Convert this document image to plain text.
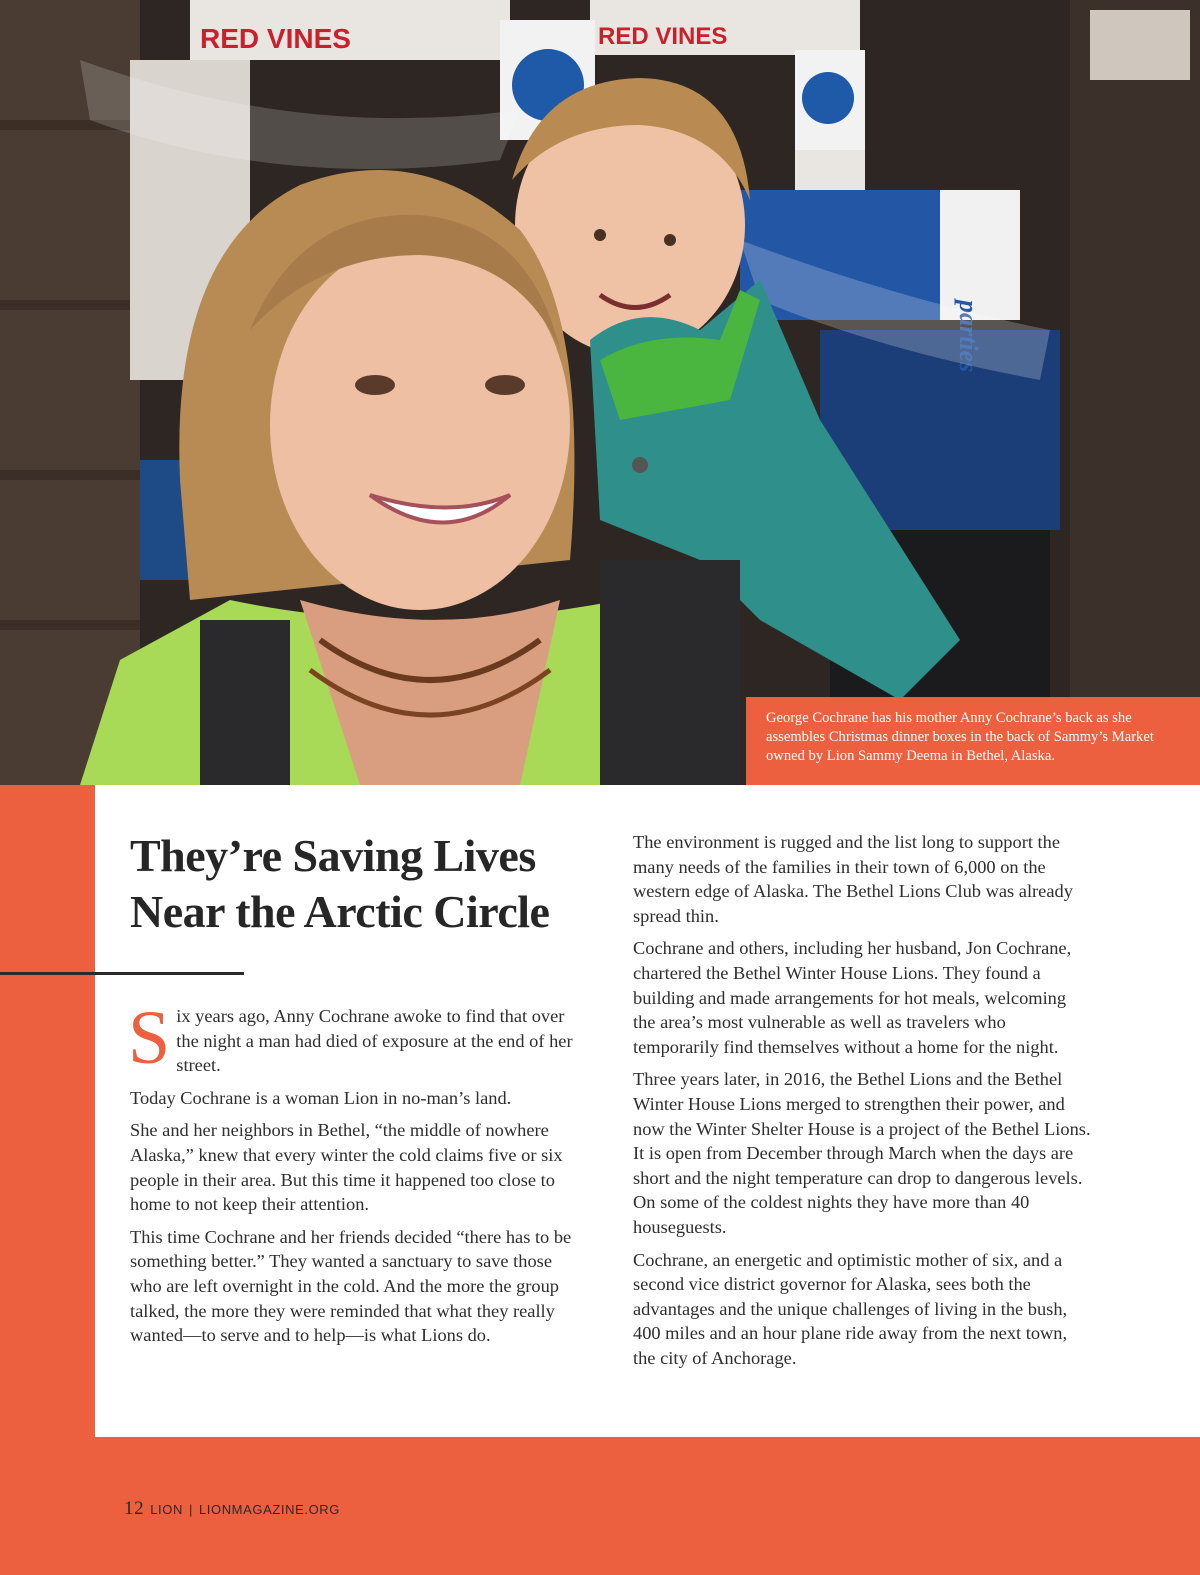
RED VINES	RED VINES
parties
George Cochrane has his mother Anny Cochrane’s back as she assembles Christmas dinner boxes in the back of Sammy’s Market owned by Lion Sammy Deema in Bethel, Alaska.
They’re Saving Lives Near the Arctic Circle

Six years ago, Anny Cochrane awoke to find that over the night a man had died of exposure at the end of her street.

Today Cochrane is a woman Lion in no-man’s land.

She and her neighbors in Bethel, “the middle of nowhere Alaska,” knew that every winter the cold claims five or six people in their area. But this time it happened too close to home to not keep their attention.

This time Cochrane and her friends decided “there has to be something better.” They wanted a sanctuary to save those who are left overnight in the cold. And the more the group talked, the more they were reminded that what they really wanted—to serve and to help—is what Lions do.

The environment is rugged and the list long to support the many needs of the families in their town of 6,000 on the western edge of Alaska. The Bethel Lions Club was already spread thin.

Cochrane and others, including her husband, Jon Cochrane, chartered the Bethel Winter House Lions. They found a building and made arrangements for hot meals, welcoming the area’s most vulnerable as well as travelers who temporarily find themselves without a home for the night.

Three years later, in 2016, the Bethel Lions and the Bethel Winter House Lions merged to strengthen their power, and now the Winter Shelter House is a project of the Bethel Lions. It is open from December through March when the days are short and the night temperature can drop to dangerous levels. On some of the coldest nights they have more than 40 houseguests.

Cochrane, an energetic and optimistic mother of six, and a second vice district governor for Alaska, sees both the advantages and the unique challenges of living in the bush, 400 miles and an hour plane ride away from the next town, the city of Anchorage.

12 LION | LIONMAGAZINE.ORG
